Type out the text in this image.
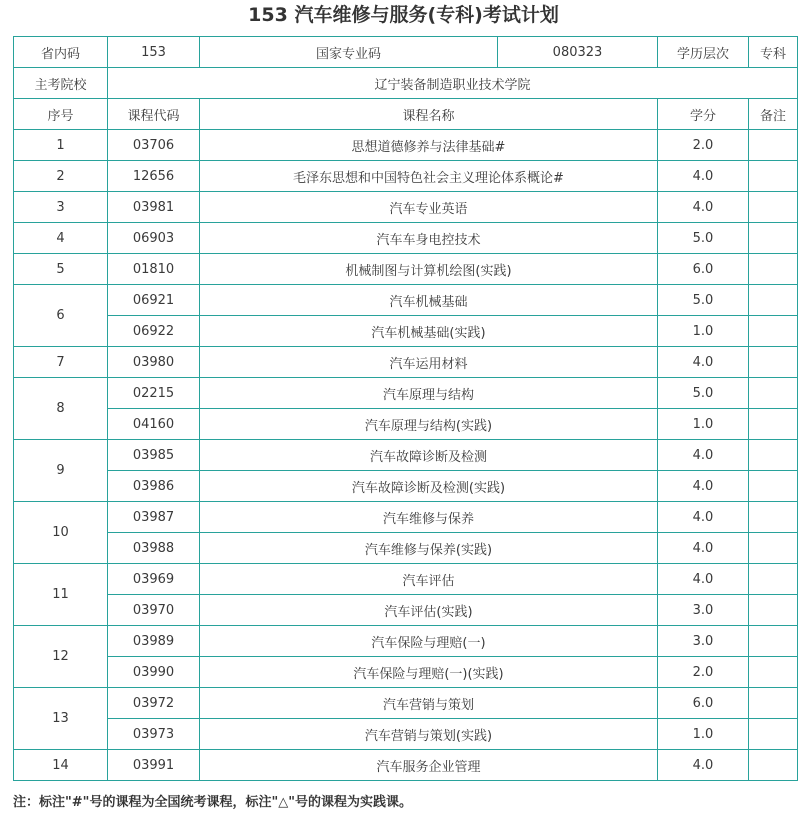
153 汽车维修与服务(专科)考试计划
省内码	153	国家专业码	080323	学历层次	专科
主考院校	辽宁装备制造职业技术学院				
序号	课程代码	课程名称		学分	备注
1	03706	思想道德修养与法律基础#		2.0	
2	12656	毛泽东思想和中国特色社会主义理论体系概论#		4.0	
3	03981	汽车专业英语		4.0	
4	06903	汽车车身电控技术		5.0	
5	01810	机械制图与计算机绘图(实践)		6.0	
6	06921	汽车机械基础		5.0	
	06922	汽车机械基础(实践)		1.0	
7	03980	汽车运用材料		4.0	
8	02215	汽车原理与结构		5.0	
	04160	汽车原理与结构(实践)		1.0	
9	03985	汽车故障诊断及检测		4.0	
	03986	汽车故障诊断及检测(实践)		4.0	
10	03987	汽车维修与保养		4.0	
	03988	汽车维修与保养(实践)		4.0	
11	03969	汽车评估		4.0	
	03970	汽车评估(实践)		3.0	
12	03989	汽车保险与理赔(一)		3.0	
	03990	汽车保险与理赔(一)(实践)		2.0	
13	03972	汽车营销与策划		6.0	
	03973	汽车营销与策划(实践)		1.0	
14	03991	汽车服务企业管理		4.0	
注：标注"#"号的课程为全国统考课程，标注"△"号的课程为实践课。
